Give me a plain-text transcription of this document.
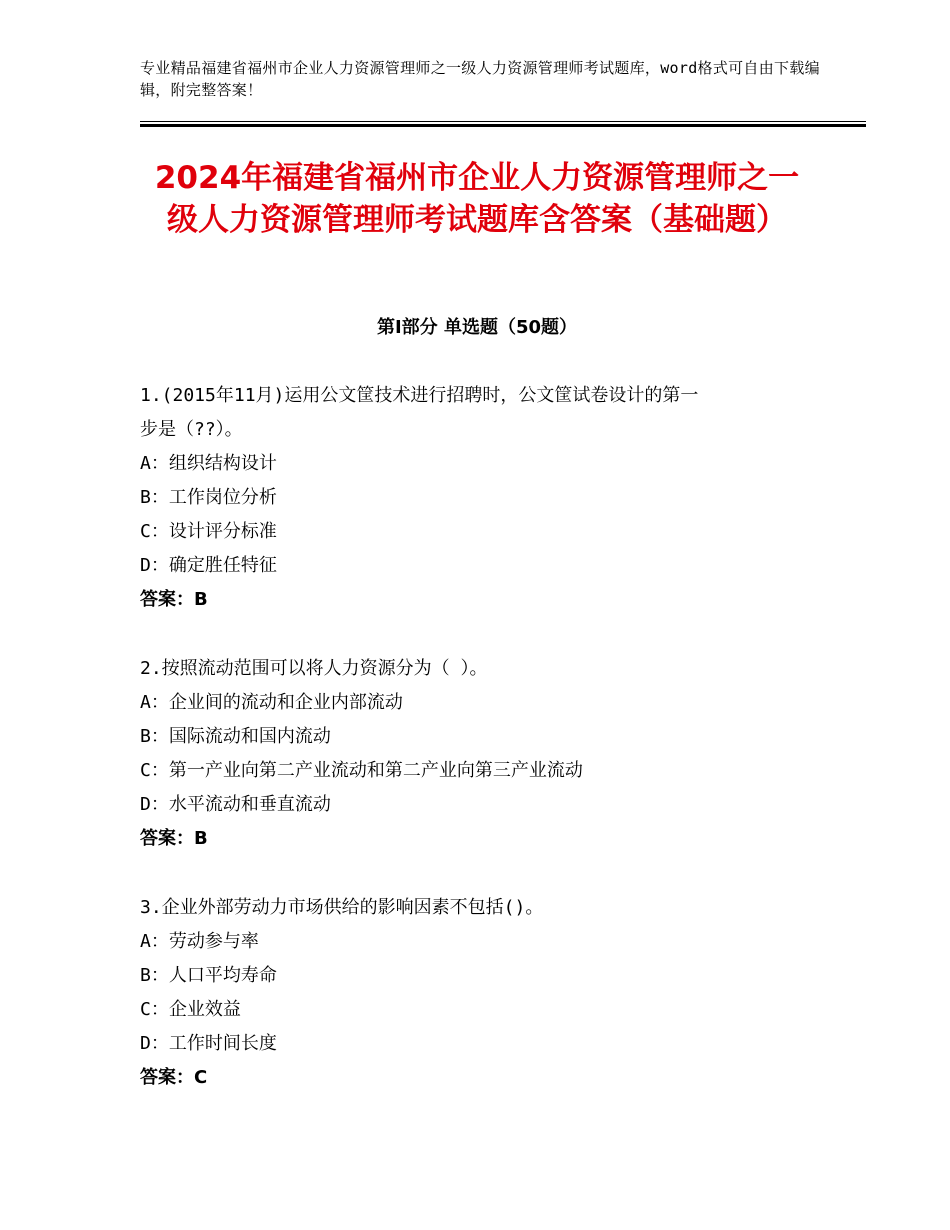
专业精品福建省福州市企业人力资源管理师之一级人力资源管理师考试题库，word格式可自由下载编辑，附完整答案！
2024年福建省福州市企业人力资源管理师之一级人力资源管理师考试题库含答案（基础题）
第Ⅰ部分 单选题（50题）

1.(2015年11月)运用公文筐技术进行招聘时，公文筐试卷设计的第一

步是（??）。

A：组织结构设计

B：工作岗位分析

C：设计评分标准

D：确定胜任特征

答案：B

2.按照流动范围可以将人力资源分为（ ）。

A：企业间的流动和企业内部流动

B：国际流动和国内流动

C：第一产业向第二产业流动和第二产业向第三产业流动

D：水平流动和垂直流动

答案：B

3.企业外部劳动力市场供给的影响因素不包括()。

A：劳动参与率

B：人口平均寿命

C：企业效益

D：工作时间长度

答案：C
